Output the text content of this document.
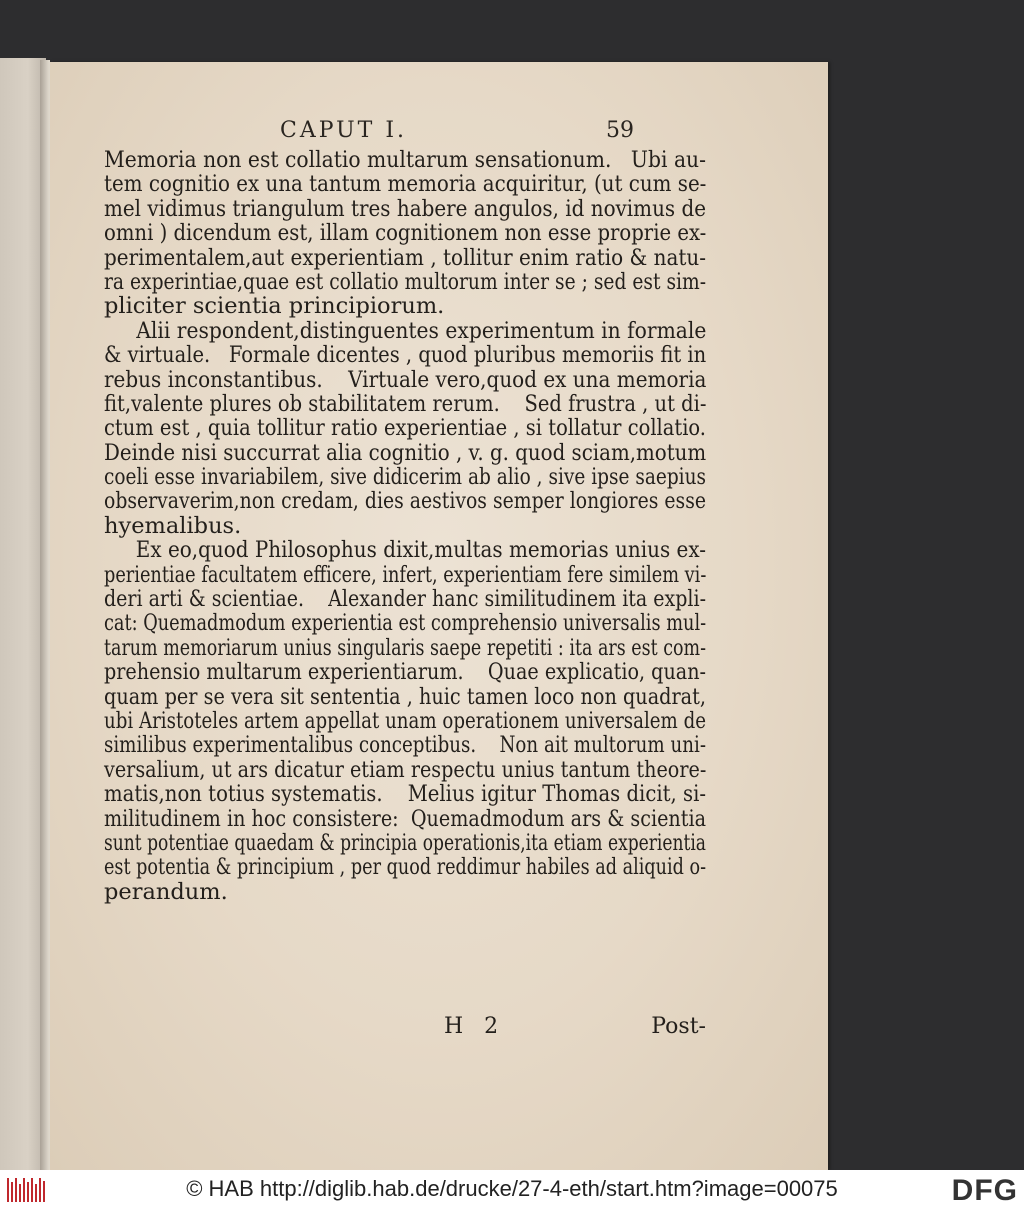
CAPUT I.	59
Memoria non est collatio multarum sensationum.   Ubi au-
tem cognitio ex una tantum memoria acquiritur, (ut cum se-
mel vidimus triangulum tres habere angulos, id novimus de
omni ) dicendum est, illam cognitionem non esse proprie ex-
perimentalem,aut experientiam , tollitur enim ratio & natu-
ra experintiae,quae est collatio multorum inter se ; sed est sim-
pliciter scientia principiorum.
Alii respondent,distinguentes experimentum in formale
& virtuale.   Formale dicentes , quod pluribus memoriis fit in
rebus inconstantibus.    Virtuale vero,quod ex una memoria
fit,valente plures ob stabilitatem rerum.    Sed frustra , ut di-
ctum est , quia tollitur ratio experientiae , si tollatur collatio.
Deinde nisi succurrat alia cognitio , v. g. quod sciam,motum
coeli esse invariabilem, sive didicerim ab alio , sive ipse saepius
observaverim,non credam, dies aestivos semper longiores esse
hyemalibus.
Ex eo,quod Philosophus dixit,multas memorias unius ex-
perientiae facultatem efficere, infert, experientiam fere similem vi-
deri arti & scientiae.    Alexander hanc similitudinem ita expli-
cat: Quemadmodum experientia est comprehensio universalis mul-
tarum memoriarum unius singularis saepe repetiti : ita ars est com-
prehensio multarum experientiarum.    Quae explicatio, quan-
quam per se vera sit sententia , huic tamen loco non quadrat,
ubi Aristoteles artem appellat unam operationem universalem de
similibus experimentalibus conceptibus.    Non ait multorum uni-
versalium, ut ars dicatur etiam respectu unius tantum theore-
matis,non totius systematis.    Melius igitur Thomas dicit, si-
militudinem in hoc consistere:  Quemadmodum ars & scientia
sunt potentiae quaedam & principia operationis,ita etiam experientia
est potentia & principium , per quod reddimur habiles ad aliquid o-
perandum.
H   2	Post-
© HAB http://diglib.hab.de/drucke/27-4-eth/start.htm?image=00075	DFG
